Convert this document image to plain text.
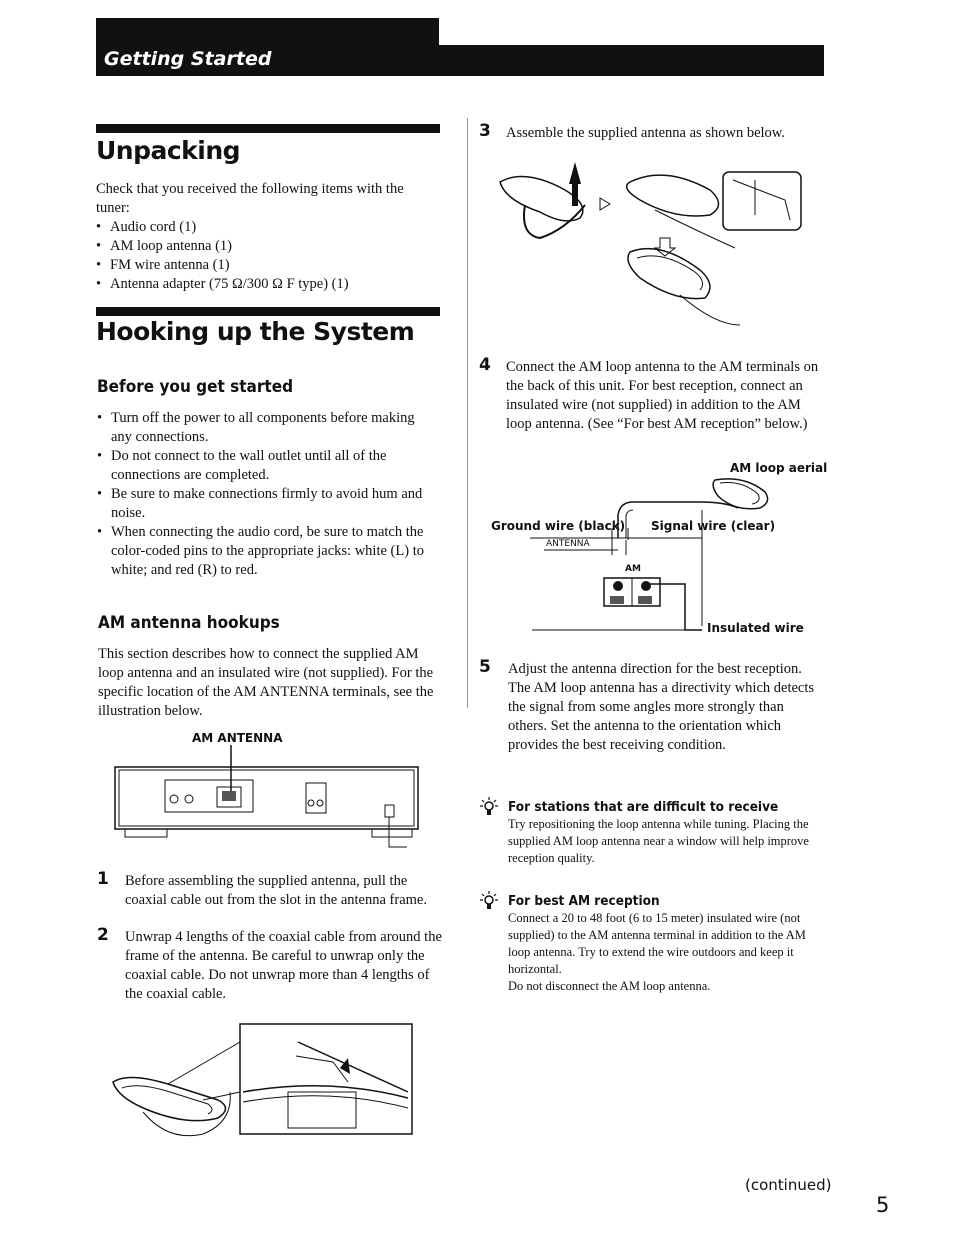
Getting Started
Unpacking
Check that you received the following items with the tuner:
• Audio cord (1)
• AM loop antenna (1)
• FM wire antenna (1)
• Antenna adapter (75 Ω/300 Ω F type) (1)
Hooking up the System
Before you get started
• Turn off the power to all components before making any connections.
• Do not connect to the wall outlet until all of the connections are completed.
• Be sure to make connections firmly to avoid hum and noise.
• When connecting the audio cord, be sure to match the color-coded pins to the appropriate jacks: white (L) to white; and red (R) to red.
AM antenna hookups
This section describes how to connect the supplied AM loop antenna and an insulated wire (not supplied). For the specific location of the AM ANTENNA terminals, see the illustration below.
AM ANTENNA
1 Before assembling the supplied antenna, pull the coaxial cable out from the slot in the antenna frame.
2 Unwrap 4 lengths of the coaxial cable from around the frame of the antenna. Be careful to unwrap only the coaxial cable. Do not unwrap more than 4 lengths of the coaxial cable.
3 Assemble the supplied antenna as shown below.
4 Connect the AM loop antenna to the AM terminals on the back of this unit. For best reception, connect an insulated wire (not supplied) in addition to the AM loop antenna. (See “For best AM reception” below.)
AM loop aerial
Ground wire (black) Signal wire (clear)
ANTENNA
AM
Insulated wire
5 Adjust the antenna direction for the best reception. The AM loop antenna has a directivity which detects the signal from some angles more strongly than others. Set the antenna to the orientation which provides the best receiving condition.
For stations that are difficult to receive
Try repositioning the loop antenna while tuning. Placing the supplied AM loop antenna near a window will help improve reception quality.
For best AM reception
Connect a 20 to 48 foot (6 to 15 meter) insulated wire (not supplied) to the AM antenna terminal in addition to the AM loop antenna. Try to extend the wire outdoors and keep it horizontal.
Do not disconnect the AM loop antenna.
(continued)
5
